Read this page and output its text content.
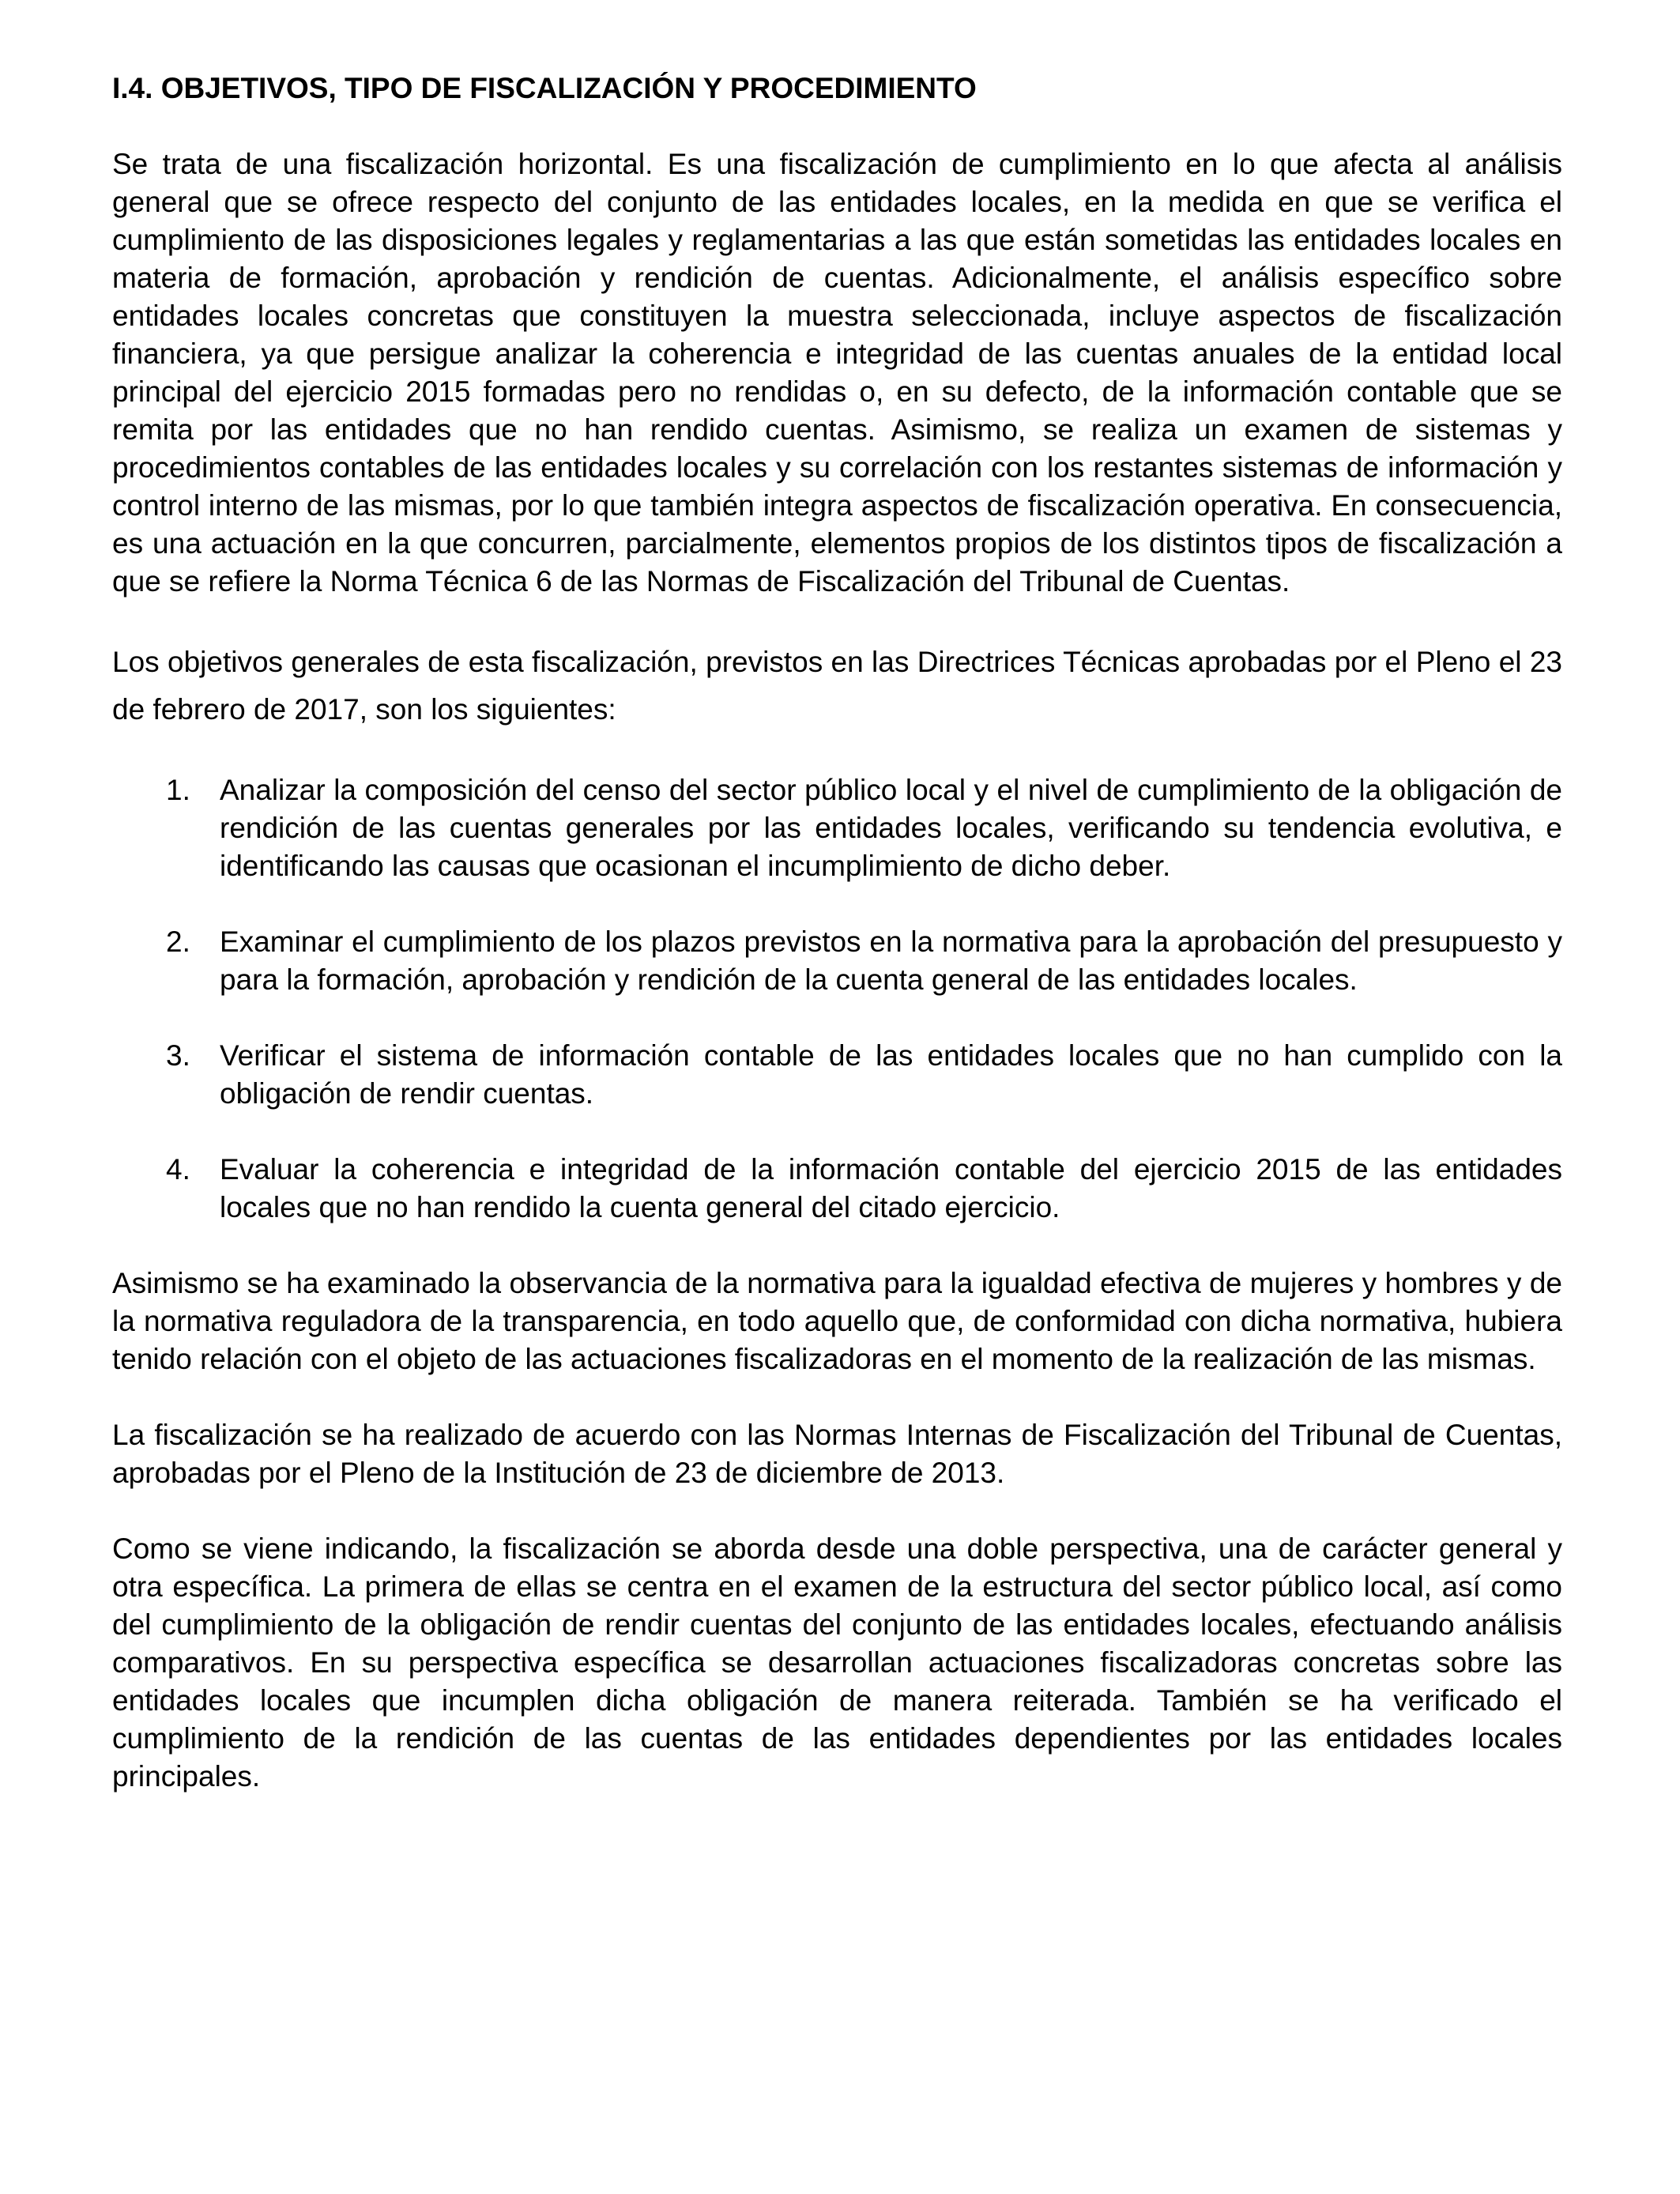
I.4. OBJETIVOS, TIPO DE FISCALIZACIÓN Y PROCEDIMIENTO

Se trata de una fiscalización horizontal. Es una fiscalización de cumplimiento en lo que afecta al análisis general que se ofrece respecto del conjunto de las entidades locales, en la medida en que se verifica el cumplimiento de las disposiciones legales y reglamentarias a las que están sometidas las entidades locales en materia de formación, aprobación y rendición de cuentas. Adicionalmente, el análisis específico sobre entidades locales concretas que constituyen la muestra seleccionada, incluye aspectos de fiscalización financiera, ya que persigue analizar la coherencia e integridad de las cuentas anuales de la entidad local principal del ejercicio 2015 formadas pero no rendidas o, en su defecto, de la información contable que se remita por las entidades que no han rendido cuentas. Asimismo, se realiza un examen de sistemas y procedimientos contables de las entidades locales y su correlación con los restantes sistemas de información y control interno de las mismas, por lo que también integra aspectos de fiscalización operativa. En consecuencia, es una actuación en la que concurren, parcialmente, elementos propios de los distintos tipos de fiscalización a que se refiere la Norma Técnica 6 de las Normas de Fiscalización del Tribunal de Cuentas.

Los objetivos generales de esta fiscalización, previstos en las Directrices Técnicas aprobadas por el Pleno el 23 de febrero de 2017, son los siguientes:

1.	Analizar la composición del censo del sector público local y el nivel de cumplimiento de la obligación de rendición de las cuentas generales por las entidades locales, verificando su tendencia evolutiva, e identificando las causas que ocasionan el incumplimiento de dicho deber.
2.	Examinar el cumplimiento de los plazos previstos en la normativa para la aprobación del presupuesto y para la formación, aprobación y rendición de la cuenta general de las entidades locales.
3.	Verificar el sistema de información contable de las entidades locales que no han cumplido con la obligación de rendir cuentas.
4.	Evaluar la coherencia e integridad de la información contable del ejercicio 2015 de las entidades locales que no han rendido la cuenta general del citado ejercicio.

Asimismo se ha examinado la observancia de la normativa para la igualdad efectiva de mujeres y hombres y de la normativa reguladora de la transparencia, en todo aquello que, de conformidad con dicha normativa, hubiera tenido relación con el objeto de las actuaciones fiscalizadoras en el momento de la realización de las mismas.

La fiscalización se ha realizado de acuerdo con las Normas Internas de Fiscalización del Tribunal de Cuentas, aprobadas por el Pleno de la Institución de 23 de diciembre de 2013.

Como se viene indicando, la fiscalización se aborda desde una doble perspectiva, una de carácter general y otra específica. La primera de ellas se centra en el examen de la estructura del sector público local, así como del cumplimiento de la obligación de rendir cuentas del conjunto de las entidades locales, efectuando análisis comparativos. En su perspectiva específica se desarrollan actuaciones fiscalizadoras concretas sobre las entidades locales que incumplen dicha obligación de manera reiterada. También se ha verificado el cumplimiento de la rendición de las cuentas de las entidades dependientes por las entidades locales principales.
